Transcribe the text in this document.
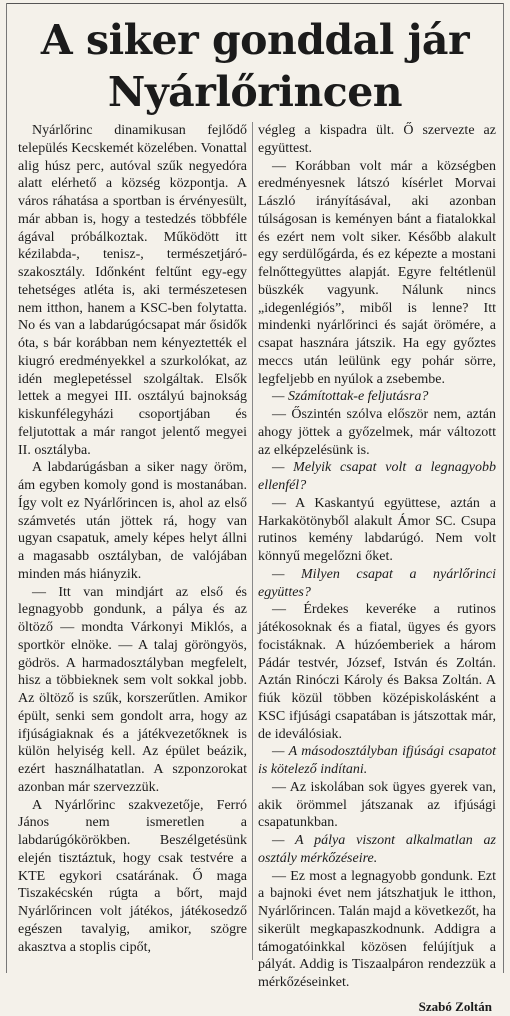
A siker gonddal jár Nyárlőrincen

Nyárlőrinc dinamikusan fejlődő település Kecskemét közelében. Vonattal alig húsz perc, autóval szűk negyedóra alatt elérhető a község központja. A város ráhatása a sportban is érvényesült, már abban is, hogy a testedzés többféle ágával próbálkoztak. Működött itt kézilabda-, tenisz-, természetjáró-szakosztály. Időnként feltűnt egy-egy tehetséges atléta is, aki természetesen nem itthon, hanem a KSC-ben folytatta. No és van a labdarúgócsapat már ősidők óta, s bár korábban nem kényeztették el kiugró eredményekkel a szurkolókat, az idén meglepetéssel szolgáltak. Elsők lettek a megyei III. osztályú bajnokság kiskunfélegyházi csoportjában és feljutottak a már rangot jelentő megyei II. osztályba.

A labdarúgásban a siker nagy öröm, ám egyben komoly gond is mostanában. Így volt ez Nyárlőrincen is, ahol az első számvetés után jöttek rá, hogy van ugyan csapatuk, amely képes helyt állni a magasabb osztályban, de valójában minden más hiányzik.

— Itt van mindjárt az első és legnagyobb gondunk, a pálya és az öltöző — mondta Várkonyi Miklós, a sportkör elnöke. — A talaj göröngyös, gödrös. A harmadosztályban megfelelt, hisz a többieknek sem volt sokkal jobb. Az öltöző is szűk, korszerűtlen. Amikor épült, senki sem gondolt arra, hogy az ifjúságiaknak és a játékvezetőknek is külön helyiség kell. Az épület beázik, ezért használhatatlan. A szponzorokat azonban már szervezzük.

A Nyárlőrinc szakvezetője, Ferró János nem ismeretlen a labdarúgókörökben. Beszélgetésünk elején tisztáztuk, hogy csak testvére a KTE egykori csatárának. Ő maga Tiszakécskén rúgta a bőrt, majd Nyárlőrincen volt játékos, játékosedző egészen tavalyig, amikor, szögre akasztva a stoplis cipőt,

végleg a kispadra ült. Ő szervezte az együttest.

— Korábban volt már a községben eredményesnek látszó kísérlet Morvai László irányításával, aki azonban túlságosan is keményen bánt a fiatalokkal és ezért nem volt siker. Később alakult egy serdülőgárda, és ez képezte a mostani felnőttegyüttes alapját. Egyre feltétlenül büszkék vagyunk. Nálunk nincs „idegenlégiós”, miből is lenne? Itt mindenki nyárlőrinci és saját örömére, a csapat hasznára játszik. Ha egy győztes meccs után leülünk egy pohár sörre, legfeljebb en nyúlok a zsebembe.

— Számítottak-e feljutásra?

— Őszintén szólva először nem, aztán ahogy jöttek a győzelmek, már változott az elképzelésünk is.

— Melyik csapat volt a legnagyobb ellenfél?

— A Kaskantyú együttese, aztán a Harkakötönyből alakult Ámor SC. Csupa rutinos kemény labdarúgó. Nem volt könnyű megelőzni őket.

— Milyen csapat a nyárlőrinci együttes?

— Érdekes keveréke a rutinos játékosoknak és a fiatal, ügyes és gyors focistáknak. A húzóemberiek a három Pádár testvér, József, István és Zoltán. Aztán Rinóczi Károly és Baksa Zoltán. A fiúk közül többen középiskolásként a KSC ifjúsági csapatában is játszottak már, de ideválósiak.

— A másodosztályban ifjúsági csapatot is kötelező indítani.

— Az iskolában sok ügyes gyerek van, akik örömmel játszanak az ifjúsági csapatunkban.

— A pálya viszont alkalmatlan az osztály mérkőzéseire.

— Ez most a legnagyobb gondunk. Ezt a bajnoki évet nem játszhatjuk le itthon, Nyárlőrincen. Talán majd a következőt, ha sikerült megkapaszkodnunk. Addigra a támogatóinkkal közösen felújítjuk a pályát. Addig is Tiszaalpáron rendezzük a mérkőzéseinket.

Szabó Zoltán
